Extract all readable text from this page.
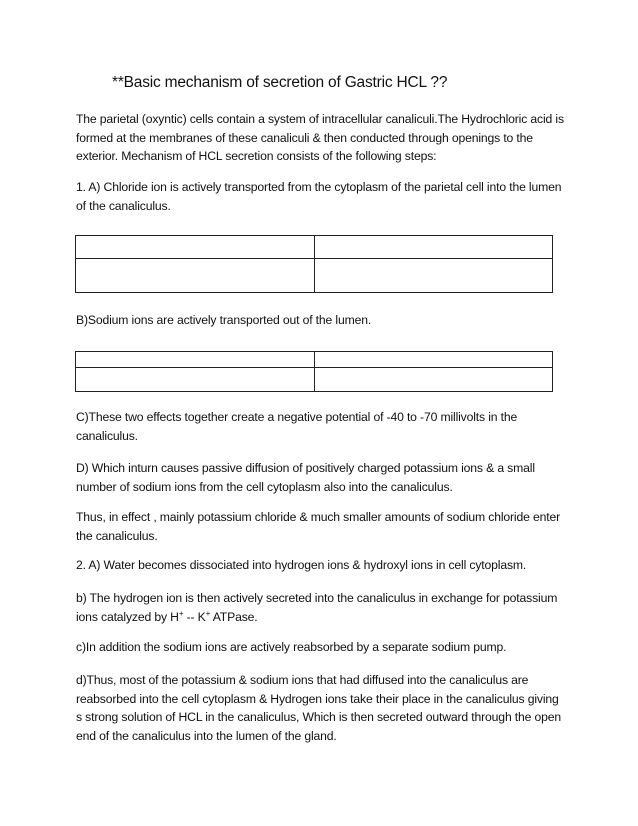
**Basic mechanism of secretion of Gastric HCL ??
The parietal (oxyntic) cells contain a system of intracellular canaliculi.The Hydrochloric acid is formed at the membranes of these canaliculi & then conducted through openings to the exterior. Mechanism of HCL secretion consists of the following steps:
1. A) Chloride ion is actively transported from the cytoplasm of the parietal cell into the lumen of the canaliculus.

B)Sodium ions are actively transported out of the lumen.

C)These two effects together create a negative potential of -40 to -70 millivolts in the canaliculus.
D) Which inturn causes passive diffusion of positively charged potassium ions & a small number of sodium ions from the cell cytoplasm also into the canaliculus.
Thus, in effect , mainly potassium chloride & much smaller amounts of sodium chloride enter the canaliculus.
2. A) Water becomes dissociated into hydrogen ions & hydroxyl ions in cell cytoplasm.
b) The hydrogen ion is then actively secreted into the canaliculus in exchange for potassium ions catalyzed by H+ -- K+ ATPase.
c)In addition the sodium ions are actively reabsorbed by a separate sodium pump.
d)Thus, most of the potassium & sodium ions that had diffused into the canaliculus are reabsorbed into the cell cytoplasm & Hydrogen ions take their place in the canaliculus giving s strong solution of HCL in the canaliculus, Which is then secreted outward through the open end of the canaliculus into the lumen of the gland.
